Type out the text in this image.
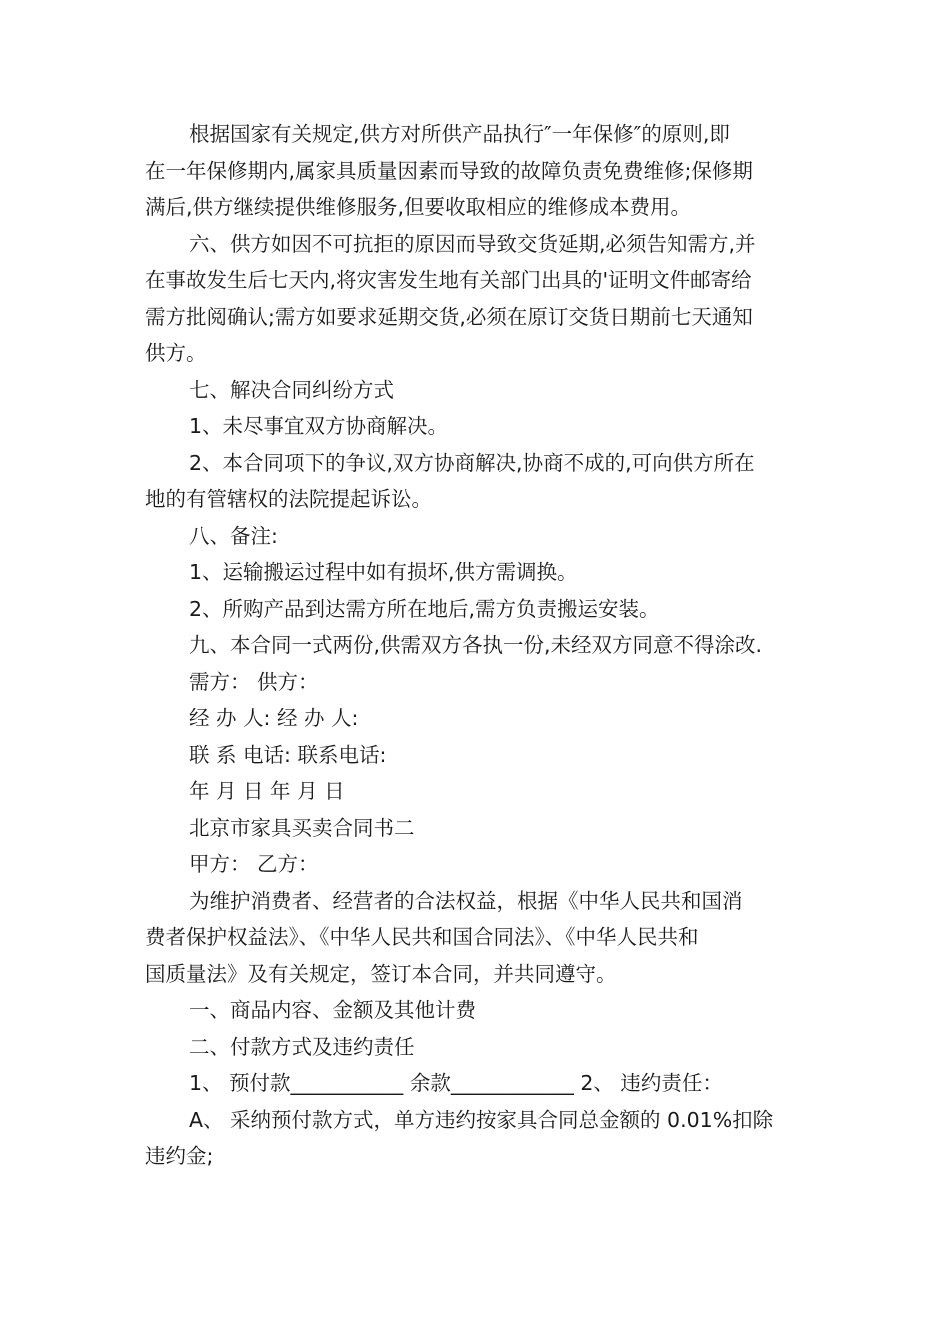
根据国家有关规定,供方对所供产品执行″一年保修″的原则,即

在一年保修期内,属家具质量因素而导致的故障负责免费维修;保修期

满后,供方继续提供维修服务,但要收取相应的维修成本费用。

六、供方如因不可抗拒的原因而导致交货延期,必须告知需方,并

在事故发生后七天内,将灾害发生地有关部门出具的'证明文件邮寄给

需方批阅确认;需方如要求延期交货,必须在原订交货日期前七天通知

供方。

七、解决合同纠纷方式

1、未尽事宜双方协商解决。

2、本合同项下的争议,双方协商解决,协商不成的,可向供方所在

地的有管辖权的法院提起诉讼。

八、备注:

1、运输搬运过程中如有损坏,供方需调换。

2、所购产品到达需方所在地后,需方负责搬运安装。

九、本合同一式两份,供需双方各执一份,未经双方同意不得涂改.

需方： 供方：

经 办 人: 经 办 人:

联 系 电话: 联系电话:

年 月 日 年 月 日

北京市家具买卖合同书二

甲方： 乙方：

为维护消费者、经营者的合法权益，根据《中华人民共和国消

费者保护权益法》、《中华人民共和国合同法》、《中华人民共和

国质量法》及有关规定，签订本合同，并共同遵守。

一、商品内容、金额及其他计费

二、付款方式及违约责任

1、 预付款___________ 余款____________ 2、 违约责任：

A、 采纳预付款方式，单方违约按家具合同总金额的 0.01%扣除

违约金;
